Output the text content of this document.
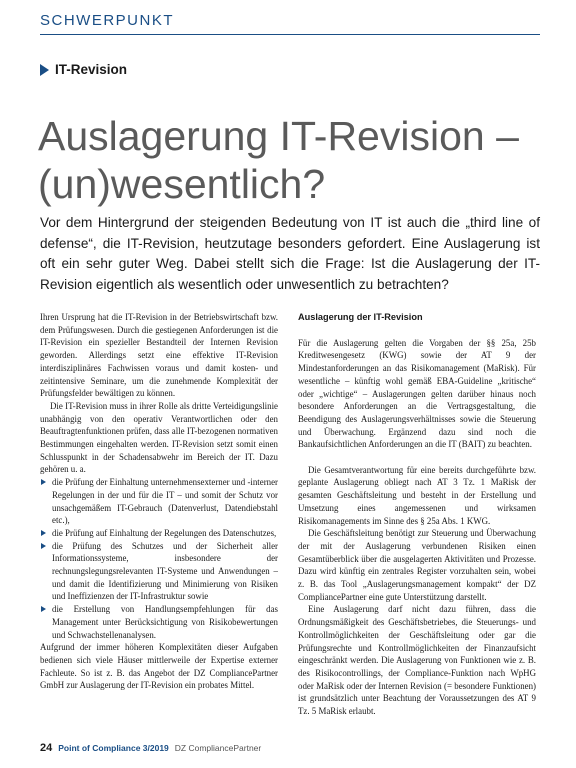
SCHWERPUNKT
IT-Revision
Auslagerung IT-Revision –
(un)wesentlich?

Vor dem Hintergrund der steigenden Bedeutung von IT ist auch die „third line of defense“, die IT-Revision, heutzutage besonders gefordert. Eine Auslagerung ist oft ein sehr guter Weg. Dabei stellt sich die Frage: Ist die Auslagerung der IT-Revision eigentlich als wesentlich oder unwesentlich zu betrachten?

Ihren Ursprung hat die IT-Revision in der Betriebswirtschaft bzw. dem Prüfungswesen. Durch die gestiegenen Anforderungen ist die IT-Revision ein spezieller Bestandteil der Internen Revision geworden. Allerdings setzt eine effektive IT-Revision interdisziplinäres Fachwissen voraus und damit kosten- und zeitintensive Seminare, um die zunehmende Komplexität der Prüfungsfelder bewältigen zu können.

Die IT-Revision muss in ihrer Rolle als dritte Verteidigungslinie unabhängig von den operativ Verantwortlichen oder den Beauftragtenfunktionen prüfen, dass alle IT-bezogenen normativen Bestimmungen eingehalten werden. IT-Revision setzt somit einen Schlusspunkt in der Schadensabwehr im Bereich der IT. Dazu gehören u. a.

die Prüfung der Einhaltung unternehmensexterner und -interner Regelungen in der und für die IT – und somit der Schutz vor unsachgemäßem IT-Gebrauch (Datenverlust, Datendiebstahl etc.),
die Prüfung auf Einhaltung der Regelungen des Datenschutzes,
die Prüfung des Schutzes und der Sicherheit aller Informationssysteme, insbesondere der rechnungslegungsrelevanten IT-Systeme und Anwendungen – und damit die Identifizierung und Minimierung von Risiken und Ineffizienzen der IT-Infrastruktur sowie
die Erstellung von Handlungsempfehlungen für das Management unter Berücksichtigung von Risikobewertungen und Schwachstellenanalysen.

Aufgrund der immer höheren Komplexitäten dieser Aufgaben bedienen sich viele Häuser mittlerweile der Expertise externer Fachleute. So ist z. B. das Angebot der DZ CompliancePartner GmbH zur Auslagerung der IT-Revision ein probates Mittel.

Auslagerung der IT-Revision

Für die Auslagerung gelten die Vorgaben der §§ 25a, 25b Kreditwesengesetz (KWG) sowie der AT 9 der Mindestanforderungen an das Risikomanagement (MaRisk). Für wesentliche – künftig wohl gemäß EBA-Guideline „kritische“ oder „wichtige“ – Auslagerungen gelten darüber hinaus noch besondere Anforderungen an die Vertragsgestaltung, die Beendigung des Auslagerungsverhältnisses sowie die Steuerung und Überwachung. Ergänzend dazu sind noch die Bankaufsichtlichen Anforderungen an die IT (BAIT) zu beachten.

Die Gesamtverantwortung für eine bereits durchgeführte bzw. geplante Auslagerung obliegt nach AT 3 Tz. 1 MaRisk der gesamten Geschäftsleitung und besteht in der Erstellung und Umsetzung eines angemessenen und wirksamen Risikomanagements im Sinne des § 25a Abs. 1 KWG.

Die Geschäftsleitung benötigt zur Steuerung und Überwachung der mit der Auslagerung verbundenen Risiken einen Gesamtüberblick über die ausgelagerten Aktivitäten und Prozesse. Dazu wird künftig ein zentrales Register vorzuhalten sein, wobei z. B. das Tool „Auslagerungsmanagement kompakt“ der DZ CompliancePartner eine gute Unterstützung darstellt.

Eine Auslagerung darf nicht dazu führen, dass die Ordnungsmäßigkeit des Geschäftsbetriebes, die Steuerungs- und Kontrollmöglichkeiten der Geschäftsleitung oder gar die Prüfungsrechte und Kontrollmöglichkeiten der Finanzaufsicht eingeschränkt werden. Die Auslagerung von Funktionen wie z. B. des Risikocontrollings, der Compliance-Funktion nach WpHG oder MaRisk oder der Internen Revision (= besondere Funktionen) ist grundsätzlich unter Beachtung der Voraussetzungen des AT 9 Tz. 5 MaRisk erlaubt.

24 Point of Compliance 3/2019 DZ CompliancePartner
